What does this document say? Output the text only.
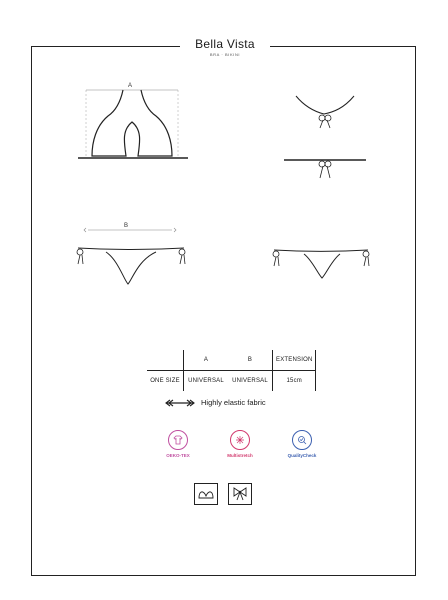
Bella Vista
BRA · BIKINI
A
B
	A	B	EXTENSION
ONE SIZE	UNIVERSAL	UNIVERSAL	15cm
Highly elastic fabric
OEKO-TEX	Multistretch	QualityCheck
